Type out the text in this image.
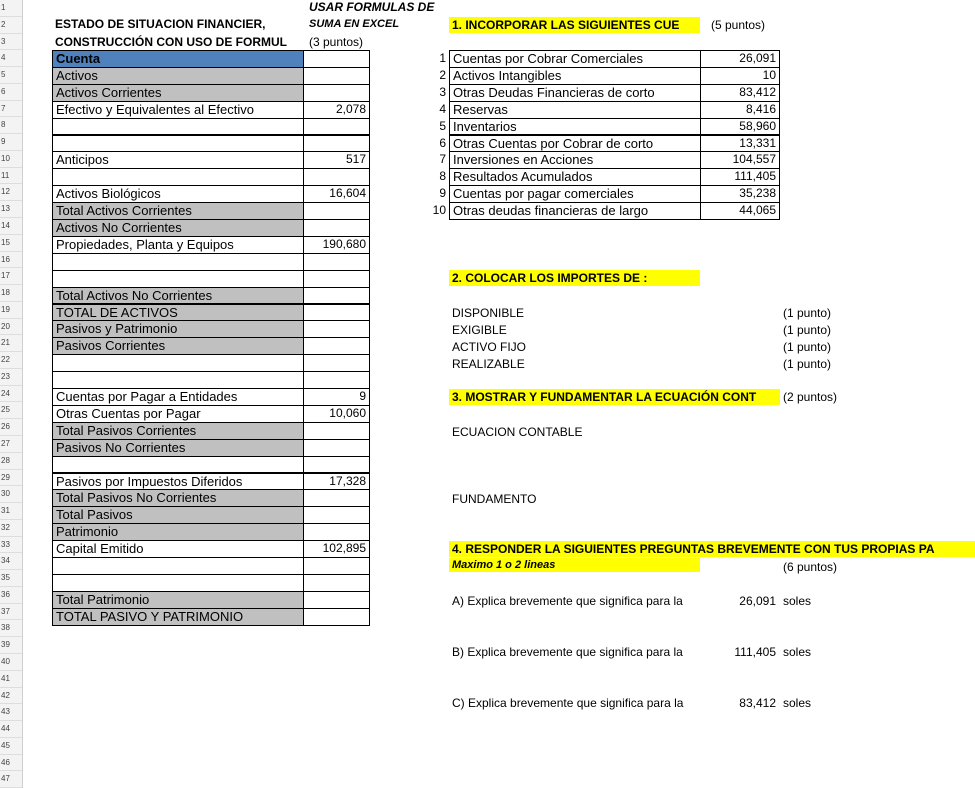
1
2
3
4
5
6
7
8
9
10
11
12
13
14
15
16
17
18
19
20
21
22
23
24
25
26
27
28
29
30
31
32
33
34
35
36
37
38
39
40
41
42
43
44
45
46
47
USAR FORMULAS DE
ESTADO DE SITUACION FINANCIER,	SUMA EN EXCEL
CONSTRUCCIÓN CON USO DE FORMUL (3 puntos)
Cuenta
Activos
Activos Corrientes
Efectivo y Equivalentes al Efectivo	2,078
Anticipos	517
Activos Biológicos	16,604
Total Activos Corrientes
Activos No Corrientes
Propiedades, Planta y Equipos	190,680
Total Activos No Corrientes
TOTAL DE ACTIVOS
Pasivos y Patrimonio
Pasivos Corrientes
Cuentas por Pagar a Entidades	9
Otras Cuentas por Pagar	10,060
Total Pasivos Corrientes
Pasivos No Corrientes
Pasivos por Impuestos Diferidos	17,328
Total Pasivos No Corrientes
Total Pasivos
Patrimonio
Capital Emitido	102,895
Total Patrimonio
TOTAL PASIVO Y PATRIMONIO
1. INCORPORAR LAS SIGUIENTES CUE	(5 puntos)
1 Cuentas por Cobrar Comerciales	26,091
2 Activos Intangibles	10
3 Otras Deudas Financieras de corto	83,412
4 Reservas	8,416
5 Inventarios	58,960
6 Otras Cuentas por Cobrar de corto	13,331
7 Inversiones en Acciones	104,557
8 Resultados Acumulados	111,405
9 Cuentas por pagar comerciales	35,238
10 Otras deudas financieras de largo	44,065
2. COLOCAR LOS IMPORTES DE :
DISPONIBLE	(1 punto)
EXIGIBLE	(1 punto)
ACTIVO FIJO	(1 punto)
REALIZABLE	(1 punto)
3. MOSTRAR Y FUNDAMENTAR LA ECUACIÓN CONT	(2 puntos)
ECUACION CONTABLE
FUNDAMENTO
4. RESPONDER LA SIGUIENTES PREGUNTAS BREVEMENTE CON TUS PROPIAS PA
Maximo 1 o 2 lineas	(6 puntos)
A) Explica brevemente que significa para la	26,091 soles
B) Explica brevemente que significa para la	111,405 soles
C) Explica brevemente que significa para la	83,412 soles
